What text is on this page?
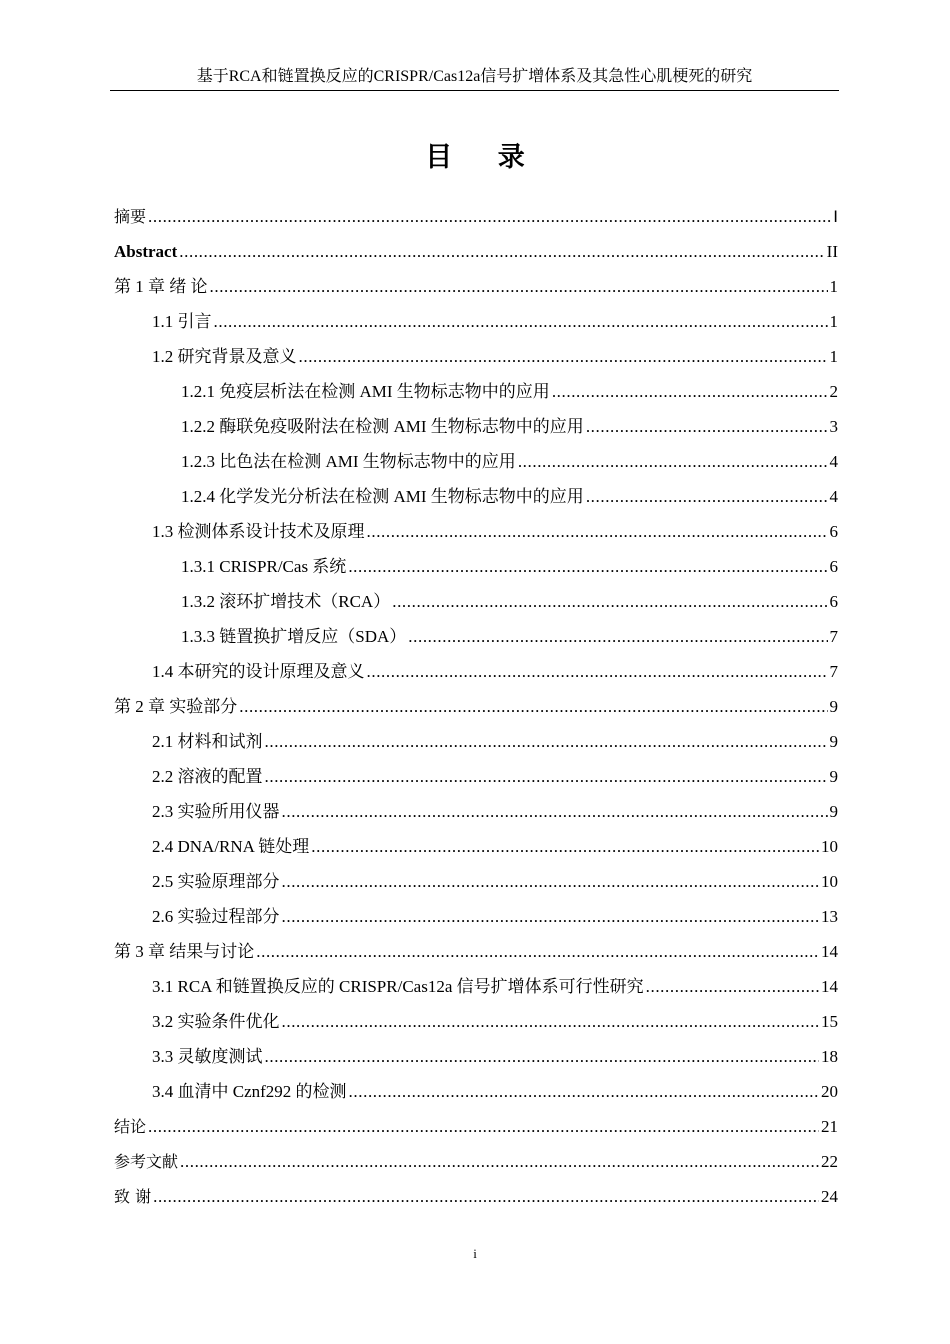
基于RCA和链置换反应的CRISPR/Cas12a信号扩增体系及其急性心肌梗死的研究
目 录
摘要 .....	I
Abstract .....	II
第 1 章 绪 论 .....	1
1.1 引言 .....	1
1.2 研究背景及意义 .....	1
1.2.1 免疫层析法在检测 AMI 生物标志物中的应用 .....	2
1.2.2 酶联免疫吸附法在检测 AMI 生物标志物中的应用 .....	3
1.2.3 比色法在检测 AMI 生物标志物中的应用 .....	4
1.2.4 化学发光分析法在检测 AMI 生物标志物中的应用 .....	4
1.3 检测体系设计技术及原理 .....	6
1.3.1 CRISPR/Cas 系统 .....	6
1.3.2 滚环扩增技术（RCA） .....	6
1.3.3 链置换扩增反应（SDA） .....	7
1.4 本研究的设计原理及意义 .....	7
第 2 章 实验部分 .....	9
2.1 材料和试剂 .....	9
2.2 溶液的配置 .....	9
2.3 实验所用仪器 .....	9
2.4 DNA/RNA 链处理 .....	10
2.5 实验原理部分 .....	10
2.6 实验过程部分 .....	13
第 3 章 结果与讨论 .....	14
3.1 RCA 和链置换反应的 CRISPR/Cas12a 信号扩增体系可行性研究 .....	14
3.2 实验条件优化 .....	15
3.3 灵敏度测试 .....	18
3.4 血清中 Cznf292 的检测 .....	20
结论 .....	21
参考文献 .....	22
致 谢 .....	24
i
